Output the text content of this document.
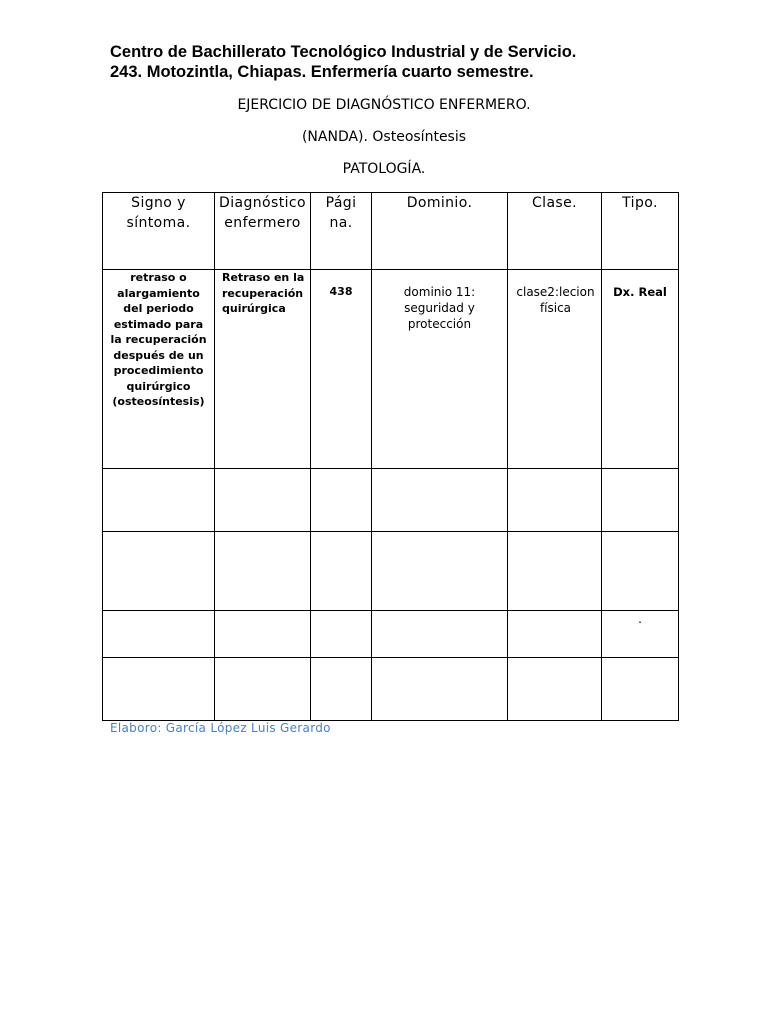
Centro de Bachillerato Tecnológico Industrial y de Servicio.
243. Motozintla, Chiapas. Enfermería cuarto semestre.
EJERCICIO DE DIAGNÓSTICO ENFERMERO.
(NANDA). Osteosíntesis
PATOLOGÍA.
Signo y síntoma.	Diagnóstico enfermero	Página.	Dominio.	Clase.	Tipo.
retraso o alargamiento del periodo estimado para la recuperación después de un procedimiento quirúrgico (osteosíntesis)	Retraso en la recuperación quirúrgica	438	dominio 11: seguridad y protección	clase2:lecion física	Dx. Real

					.

Elaboro: García López Luis Gerardo
